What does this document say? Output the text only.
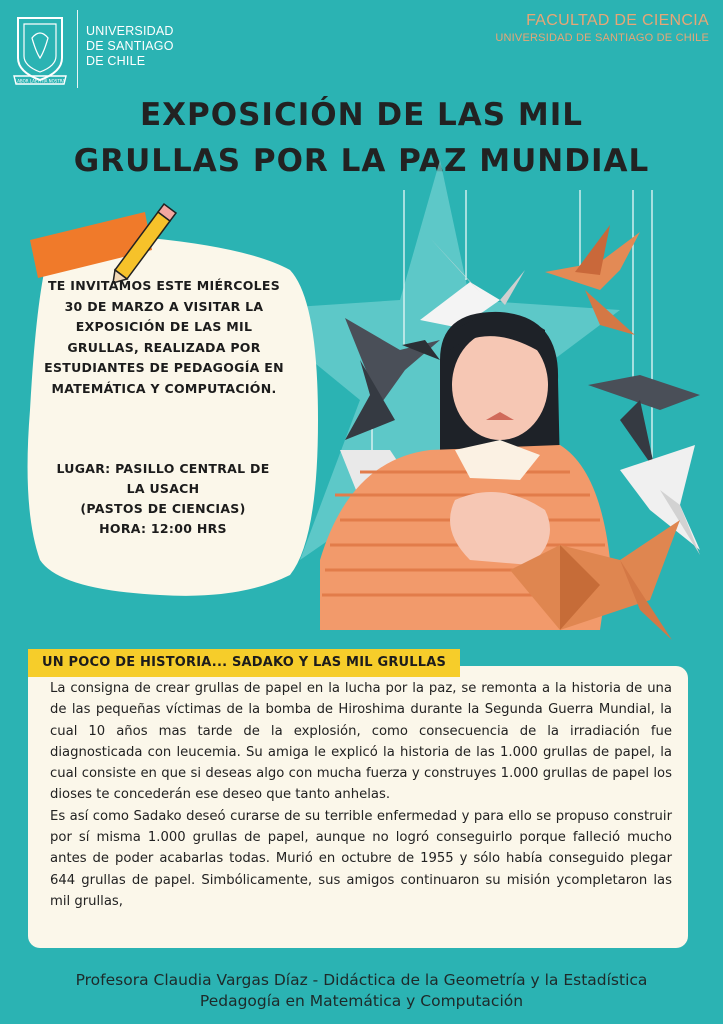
LABOR LAETITIA NOSTRA
UNIVERSIDAD
DE SANTIAGO
DE CHILE
FACULTAD DE CIENCIA
UNIVERSIDAD DE SANTIAGO DE CHILE
EXPOSICIÓN DE LAS MIL
GRULLAS POR LA PAZ MUNDIAL

TE INVITAMOS ESTE MIÉRCOLES 30 DE MARZO A VISITAR LA EXPOSICIÓN DE LAS MIL GRULLAS, REALIZADA POR ESTUDIANTES DE PEDAGOGÍA EN MATEMÁTICA Y COMPUTACIÓN.

LUGAR: PASILLO CENTRAL DE
LA USACH
(PASTOS DE CIENCIAS)
HORA: 12:00 HRS
UN POCO DE HISTORIA... SADAKO Y LAS MIL GRULLAS

La consigna de crear grullas de papel en la lucha por la paz, se remonta a la historia de una de las pequeñas víctimas de la bomba de Hiroshima durante la Segunda Guerra Mundial, la cual 10 años mas tarde de la explosión, como consecuencia de la irradiación fue diagnosticada con leucemia. Su amiga le explicó la historia de las 1.000 grullas de papel, la cual consiste en que si deseas algo con mucha fuerza y construyes 1.000 grullas de papel los dioses te concederán ese deseo que tanto anhelas.

Es así como Sadako deseó curarse de su terrible enfermedad y para ello se propuso construir por sí misma 1.000 grullas de papel, aunque no logró conseguirlo porque falleció mucho antes de poder acabarlas todas. Murió en octubre de 1955 y sólo había conseguido plegar 644 grullas de papel. Simbólicamente, sus amigos continuaron su misión ycompletaron las mil grullas,

Profesora Claudia Vargas Díaz - Didáctica de la Geometría y la Estadística
Pedagogía en Matemática y Computación
